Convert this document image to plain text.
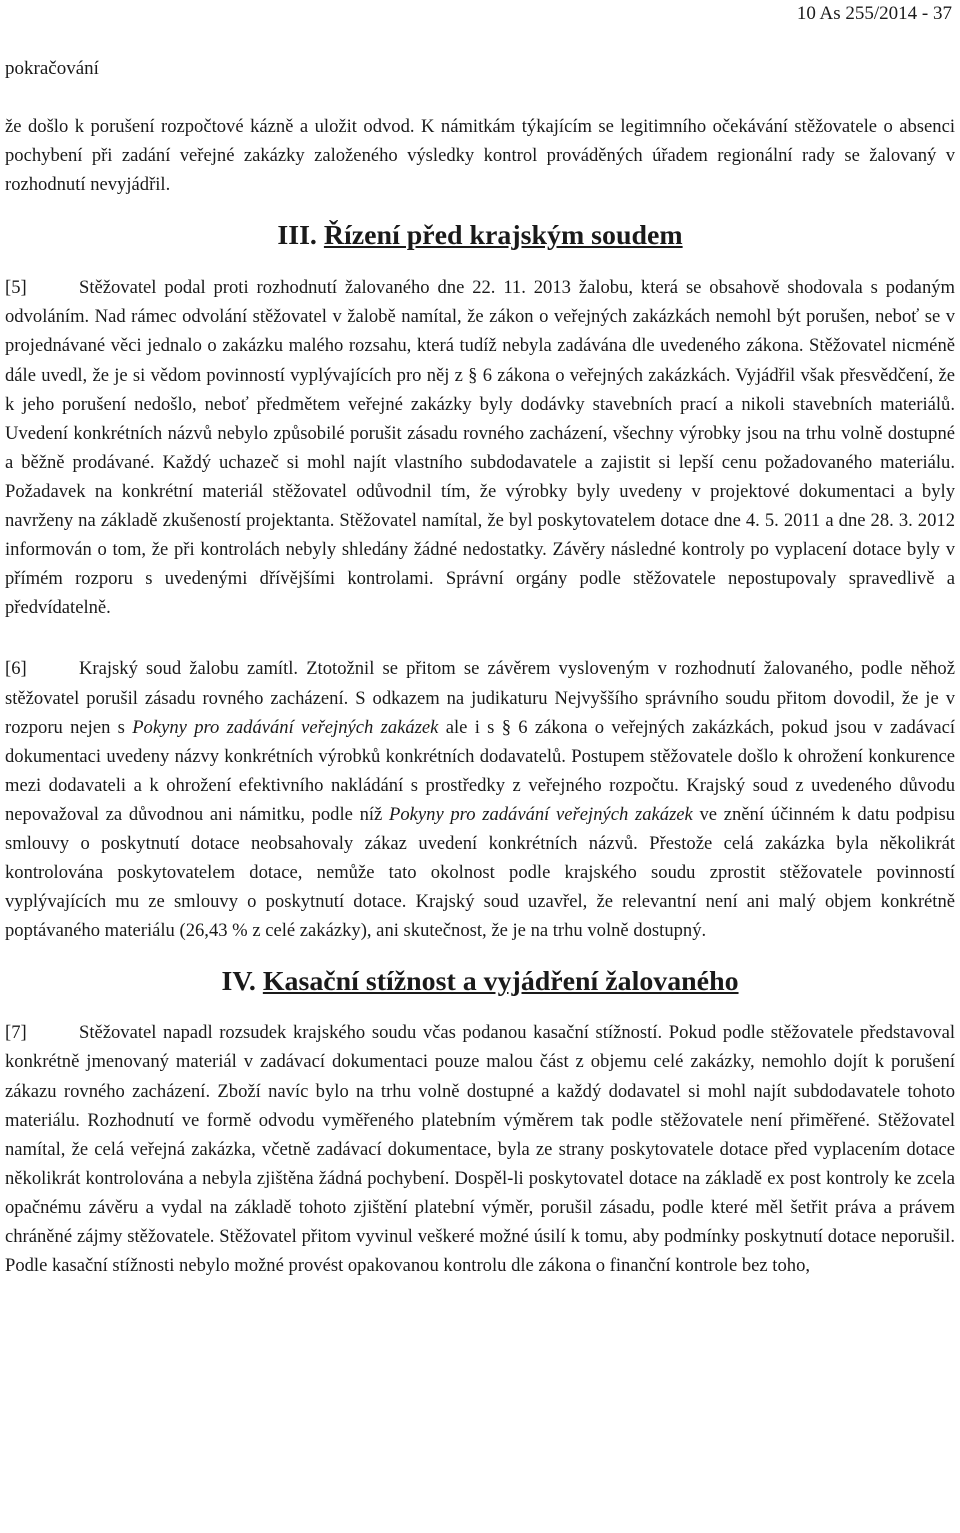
10 As 255/2014 - 37
pokračování

že došlo k porušení rozpočtové kázně a uložit odvod. K námitkám týkajícím se legitimního očekávání stěžovatele o absenci pochybení při zadání veřejné zakázky založeného výsledky kontrol prováděných úřadem regionální rady se žalovaný v rozhodnutí nevyjádřil.

III. Řízení před krajským soudem

[5]	Stěžovatel podal proti rozhodnutí žalovaného dne 22. 11. 2013 žalobu, která se obsahově shodovala s podaným odvoláním. Nad rámec odvolání stěžovatel v žalobě namítal, že zákon o veřejných zakázkách nemohl být porušen, neboť se v projednávané věci jednalo o zakázku malého rozsahu, která tudíž nebyla zadávána dle uvedeného zákona. Stěžovatel nicméně dále uvedl, že je si vědom povinností vyplývajících pro něj z § 6 zákona o veřejných zakázkách. Vyjádřil však přesvědčení, že k jeho porušení nedošlo, neboť předmětem veřejné zakázky byly dodávky stavebních prací a nikoli stavebních materiálů. Uvedení konkrétních názvů nebylo způsobilé porušit zásadu rovného zacházení, všechny výrobky jsou na trhu volně dostupné a běžně prodávané. Každý uchazeč si mohl najít vlastního subdodavatele a zajistit si lepší cenu požadovaného materiálu. Požadavek na konkrétní materiál stěžovatel odůvodnil tím, že výrobky byly uvedeny v projektové dokumentaci a byly navrženy na základě zkušeností projektanta. Stěžovatel namítal, že byl poskytovatelem dotace dne 4. 5. 2011 a dne 28. 3. 2012 informován o tom, že při kontrolách nebyly shledány žádné nedostatky. Závěry následné kontroly po vyplacení dotace byly v přímém rozporu s uvedenými dřívějšími kontrolami. Správní orgány podle stěžovatele nepostupovaly spravedlivě a předvídatelně.

[6]	Krajský soud žalobu zamítl. Ztotožnil se přitom se závěrem vysloveným v rozhodnutí žalovaného, podle něhož stěžovatel porušil zásadu rovného zacházení. S odkazem na judikaturu Nejvyššího správního soudu přitom dovodil, že je v rozporu nejen s Pokyny pro zadávání veřejných zakázek ale i s § 6 zákona o veřejných zakázkách, pokud jsou v zadávací dokumentaci uvedeny názvy konkrétních výrobků konkrétních dodavatelů. Postupem stěžovatele došlo k ohrožení konkurence mezi dodavateli a k ohrožení efektivního nakládání s prostředky z veřejného rozpočtu. Krajský soud z uvedeného důvodu nepovažoval za důvodnou ani námitku, podle níž Pokyny pro zadávání veřejných zakázek ve znění účinném k datu podpisu smlouvy o poskytnutí dotace neobsahovaly zákaz uvedení konkrétních názvů. Přestože celá zakázka byla několikrát kontrolována poskytovatelem dotace, nemůže tato okolnost podle krajského soudu zprostit stěžovatele povinností vyplývajících mu ze smlouvy o poskytnutí dotace. Krajský soud uzavřel, že relevantní není ani malý objem konkrétně poptávaného materiálu (26,43 % z celé zakázky), ani skutečnost, že je na trhu volně dostupný.

IV. Kasační stížnost a vyjádření žalovaného

[7]	Stěžovatel napadl rozsudek krajského soudu včas podanou kasační stížností. Pokud podle stěžovatele představoval konkrétně jmenovaný materiál v zadávací dokumentaci pouze malou část z objemu celé zakázky, nemohlo dojít k porušení zákazu rovného zacházení. Zboží navíc bylo na trhu volně dostupné a každý dodavatel si mohl najít subdodavatele tohoto materiálu. Rozhodnutí ve formě odvodu vyměřeného platebním výměrem tak podle stěžovatele není přiměřené. Stěžovatel namítal, že celá veřejná zakázka, včetně zadávací dokumentace, byla ze strany poskytovatele dotace před vyplacením dotace několikrát kontrolována a nebyla zjištěna žádná pochybení. Dospěl-li poskytovatel dotace na základě ex post kontroly ke zcela opačnému závěru a vydal na základě tohoto zjištění platební výměr, porušil zásadu, podle které měl šetřit práva a právem chráněné zájmy stěžovatele. Stěžovatel přitom vyvinul veškeré možné úsilí k tomu, aby podmínky poskytnutí dotace neporušil. Podle kasační stížnosti nebylo možné provést opakovanou kontrolu dle zákona o finanční kontrole bez toho,
